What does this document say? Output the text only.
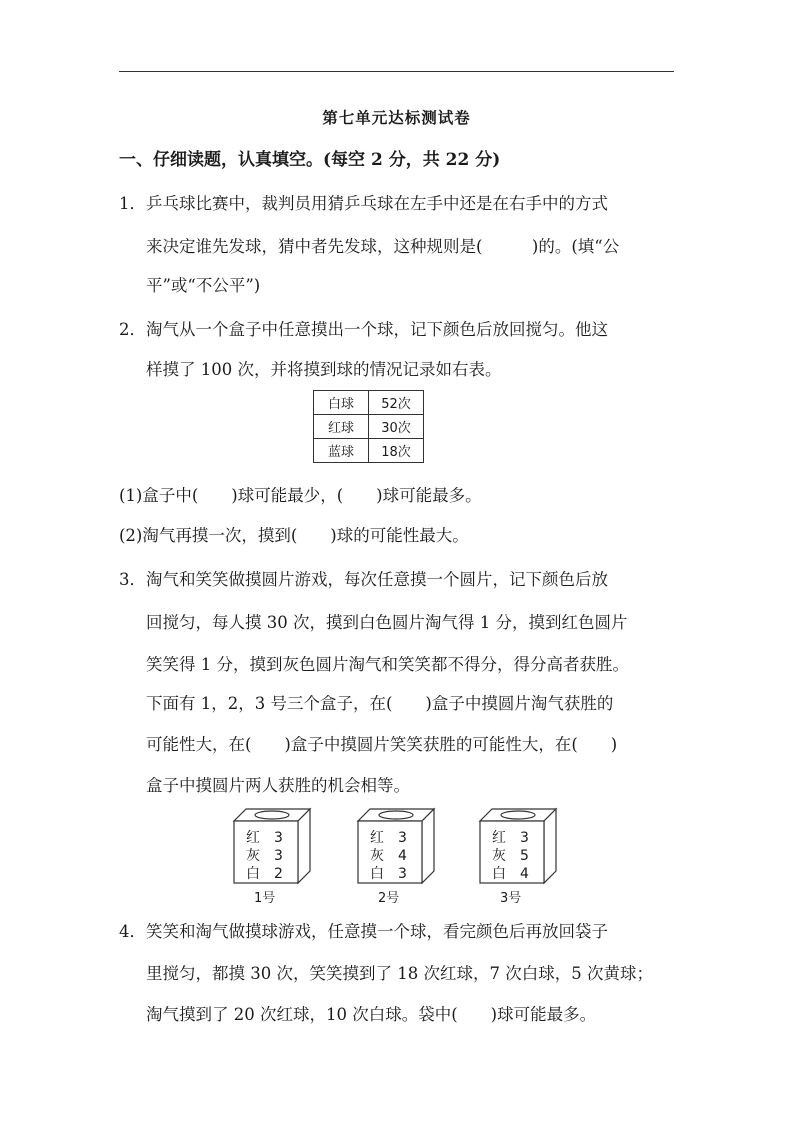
第七单元达标测试卷
一、仔细读题，认真填空。(每空 2 分，共 22 分)
1． 乒乓球比赛中，裁判员用猜乒乓球在左手中还是在右手中的方式
来决定谁先发球，猜中者先发球，这种规则是(　　　)的。(填“公
平”或“不公平”)
2． 淘气从一个盒子中任意摸出一个球，记下颜色后放回搅匀。他这
样摸了 100 次，并将摸到球的情况记录如右表。
白球	52次
红球	30次
蓝球	18次
(1)盒子中(　　)球可能最少，(　　)球可能最多。
(2)淘气再摸一次，摸到(　　)球的可能性最大。
3． 淘气和笑笑做摸圆片游戏，每次任意摸一个圆片，记下颜色后放
回搅匀，每人摸 30 次，摸到白色圆片淘气得 1 分，摸到红色圆片
笑笑得 1 分，摸到灰色圆片淘气和笑笑都不得分，得分高者获胜。
下面有 1，2，3 号三个盒子，在(　　)盒子中摸圆片淘气获胜的
可能性大，在(　　)盒子中摸圆片笑笑获胜的可能性大，在(　　)
盒子中摸圆片两人获胜的机会相等。
红　3
灰　3
白　2
1号
红　3
灰　4
白　3
2号
红　3
灰　5
白　4
3号
4． 笑笑和淘气做摸球游戏，任意摸一个球，看完颜色后再放回袋子
里搅匀，都摸 30 次，笑笑摸到了 18 次红球，7 次白球，5 次黄球；
淘气摸到了 20 次红球，10 次白球。袋中(　　)球可能最多。
